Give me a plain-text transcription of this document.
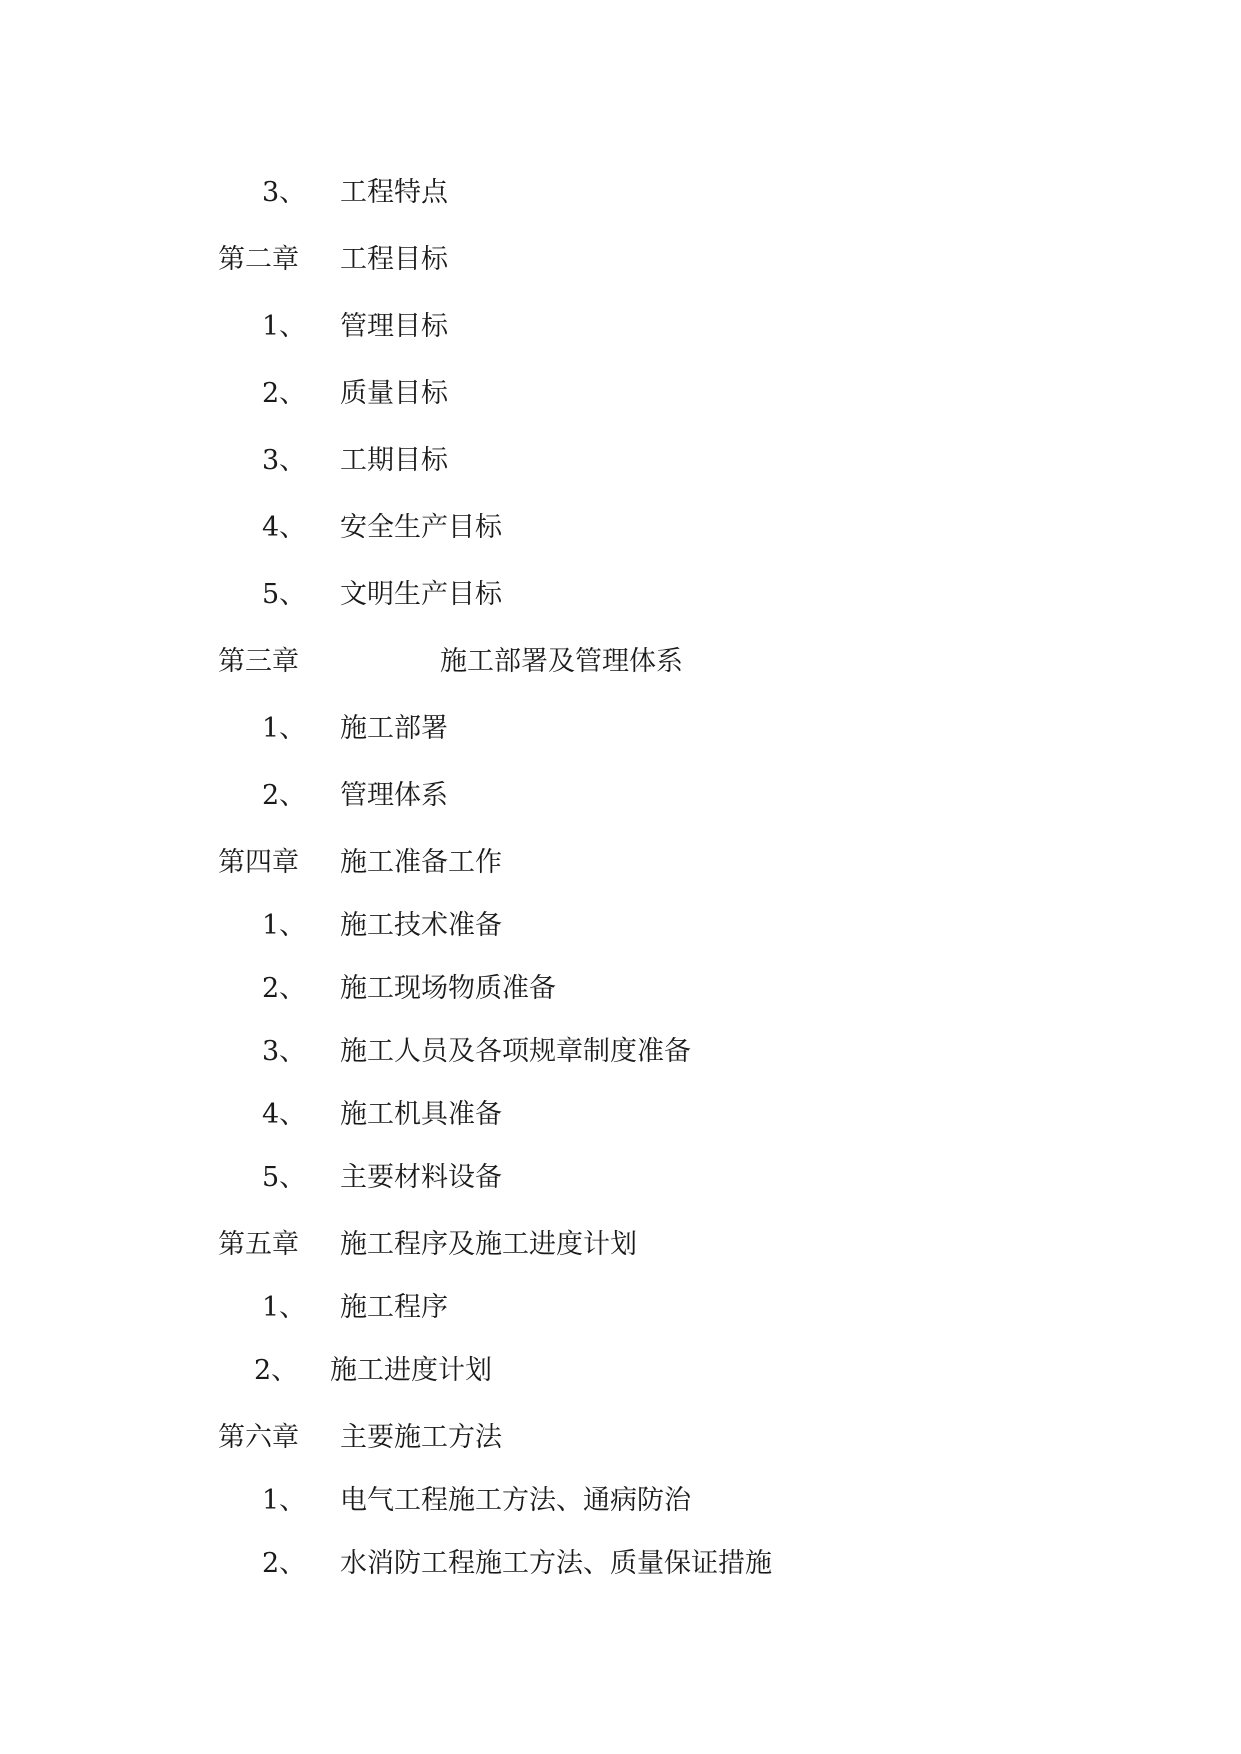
3、 工程特点
第二章 工程目标
1、 管理目标
2、 质量目标
3、 工期目标
4、 安全生产目标
5、 文明生产目标
第三章	施工部署及管理体系
1、 施工部署
2、 管理体系
第四章 施工准备工作
1、 施工技术准备
2、 施工现场物质准备
3、 施工人员及各项规章制度准备
4、 施工机具准备
5、 主要材料设备
第五章 施工程序及施工进度计划
1、 施工程序
2、 施工进度计划
第六章 主要施工方法
1、 电气工程施工方法、通病防治
2、 水消防工程施工方法、质量保证措施
